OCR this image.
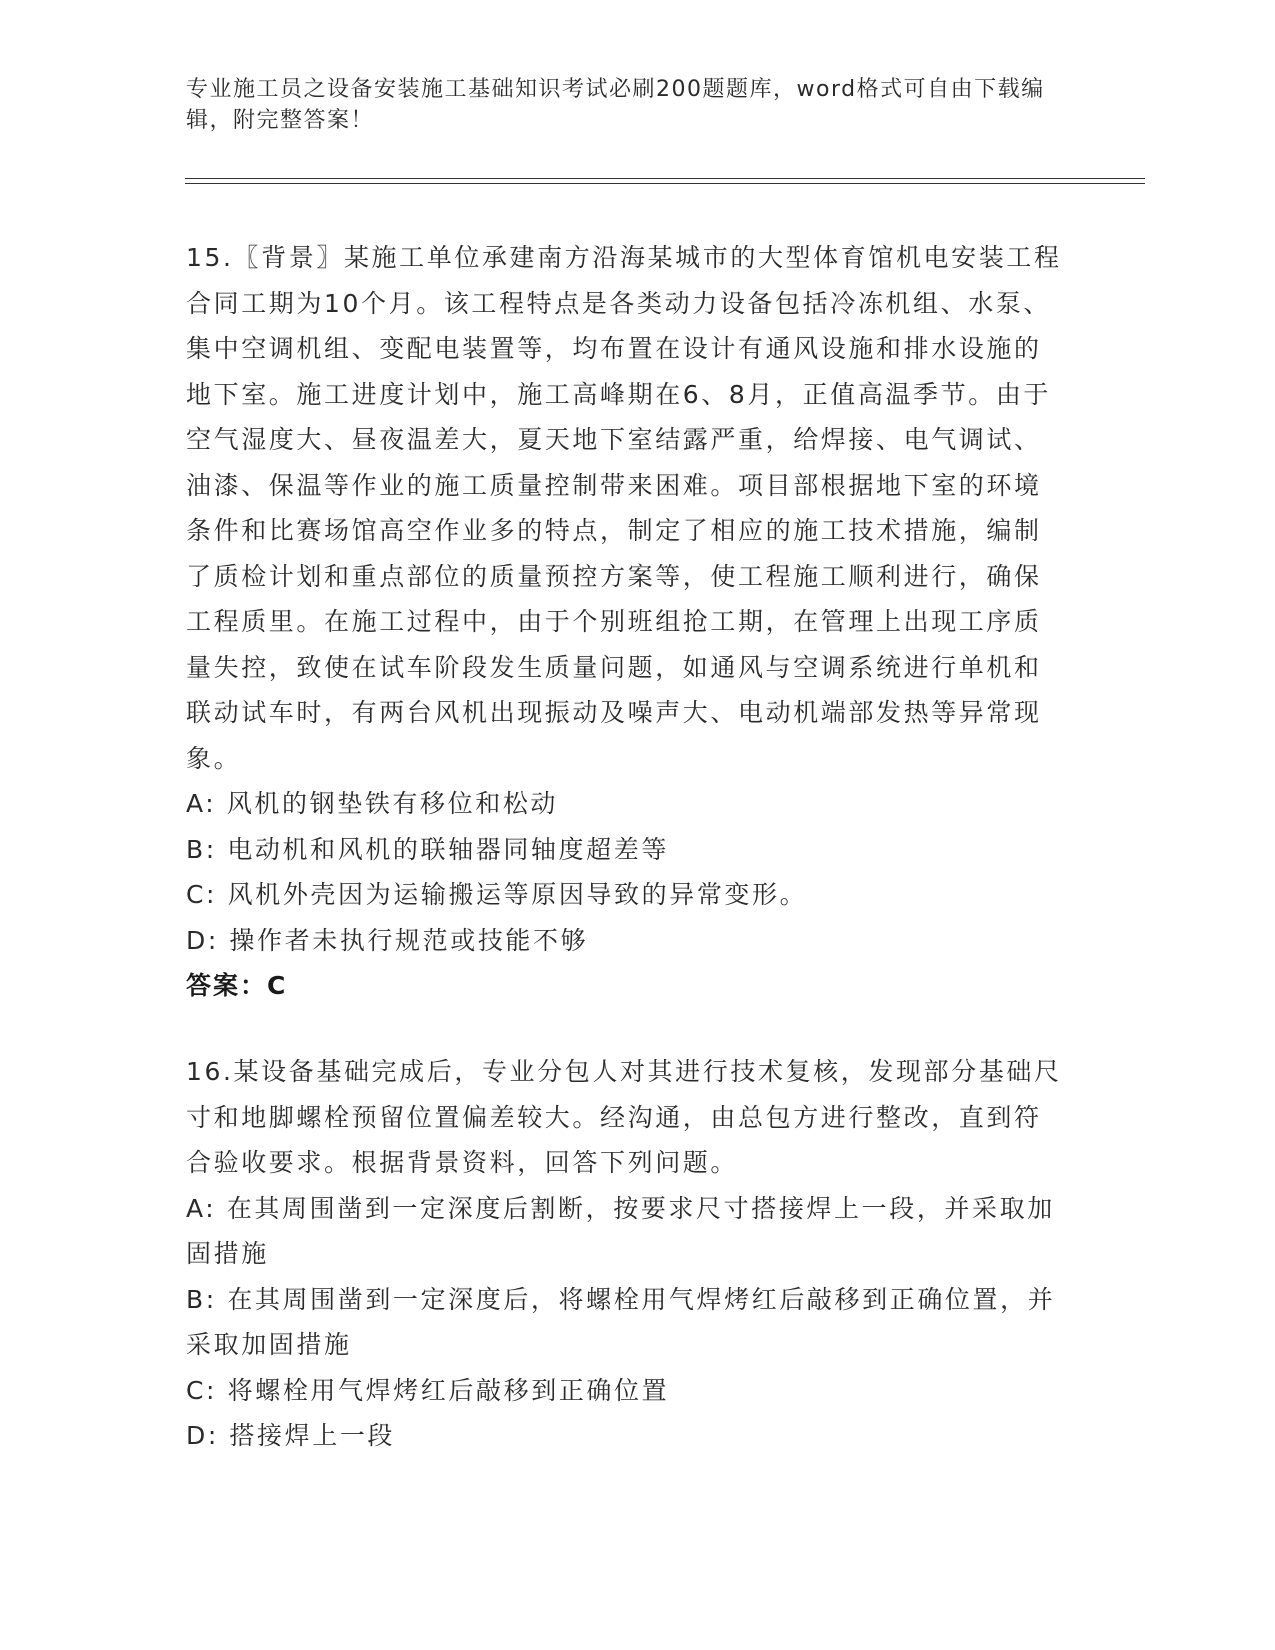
专业施工员之设备安装施工基础知识考试必刷200题题库，word格式可自由下载编辑，附完整答案！

15.〖背景〗某施工单位承建南方沿海某城市的大型体育馆机电安装工程合同工期为10个月。该工程特点是各类动力设备包括冷冻机组、水泵、集中空调机组、变配电装置等，均布置在设计有通风设施和排水设施的地下室。施工进度计划中，施工高峰期在6、8月，正值高温季节。由于空气湿度大、昼夜温差大，夏天地下室结露严重，给焊接、电气调试、油漆、保温等作业的施工质量控制带来困难。项目部根据地下室的环境条件和比赛场馆高空作业多的特点，制定了相应的施工技术措施，编制了质检计划和重点部位的质量预控方案等，使工程施工顺利进行，确保工程质里。在施工过程中，由于个别班组抢工期，在管理上出现工序质量失控，致使在试车阶段发生质量问题，如通风与空调系统进行单机和联动试车时，有两台风机出现振动及噪声大、电动机端部发热等异常现象。

A: 风机的钢垫铁有移位和松动

B: 电动机和风机的联轴器同轴度超差等

C: 风机外壳因为运输搬运等原因导致的异常变形。

D: 操作者未执行规范或技能不够

答案：C

16.某设备基础完成后，专业分包人对其进行技术复核，发现部分基础尺寸和地脚螺栓预留位置偏差较大。经沟通，由总包方进行整改，直到符合验收要求。根据背景资料，回答下列问题。

A: 在其周围凿到一定深度后割断，按要求尺寸搭接焊上一段，并采取加固措施

B: 在其周围凿到一定深度后，将螺栓用气焊烤红后敲移到正确位置，并采取加固措施

C: 将螺栓用气焊烤红后敲移到正确位置

D: 搭接焊上一段
